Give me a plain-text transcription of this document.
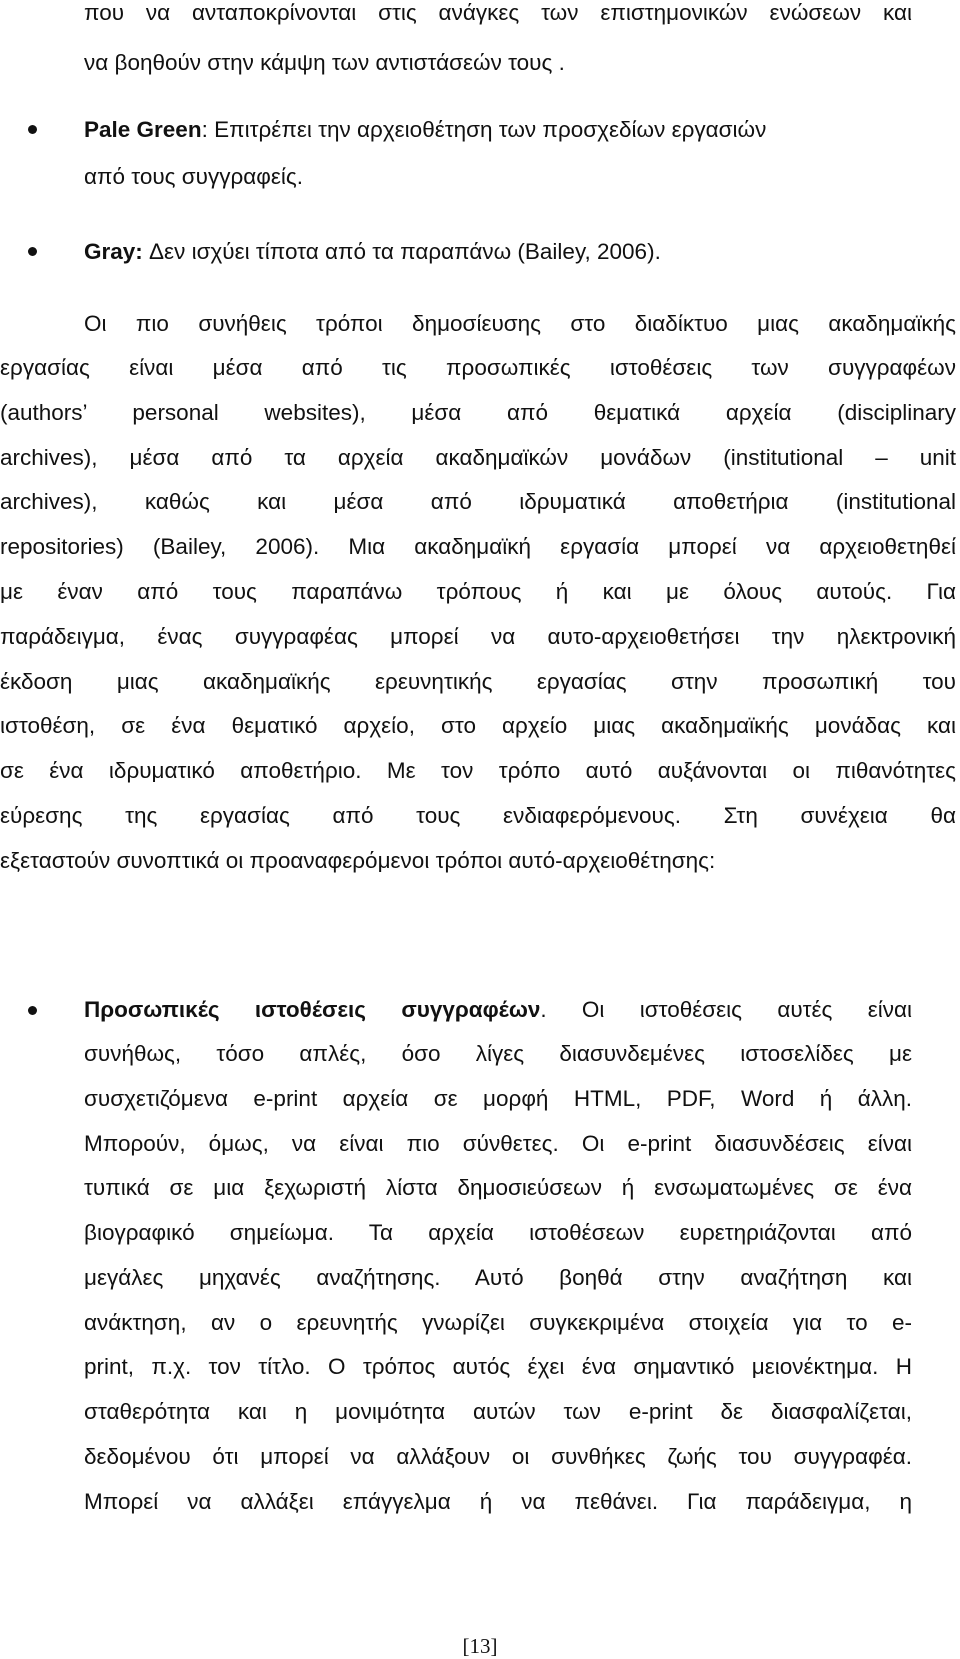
που να ανταποκρίνονται στις ανάγκες των επιστημονικών ενώσεων και

να βοηθούν στην κάμψη των αντιστάσεών τους .

Pale Green: Επιτρέπει την αρχειοθέτηση των προσχεδίων εργασιών

από τους συγγραφείς.

Gray: Δεν ισχύει τίποτα από τα παραπάνω (Bailey, 2006).

Οι πιο συνήθεις τρόποι δημοσίευσης στο διαδίκτυο μιας ακαδημαϊκής

εργασίας είναι μέσα από τις προσωπικές ιστοθέσεις των συγγραφέων

(authors’ personal websites), μέσα από θεματικά αρχεία (disciplinary

archives), μέσα από τα αρχεία ακαδημαϊκών μονάδων (institutional – unit

archives), καθώς και μέσα από ιδρυματικά αποθετήρια (institutional

repositories) (Bailey, 2006). Μια ακαδημαϊκή εργασία μπορεί να αρχειοθετηθεί

με έναν από τους παραπάνω τρόπους ή και με όλους αυτούς. Για

παράδειγμα, ένας συγγραφέας μπορεί να αυτο-αρχειοθετήσει την ηλεκτρονική

έκδοση μιας ακαδημαϊκής ερευνητικής εργασίας στην προσωπική του

ιστοθέση, σε ένα θεματικό αρχείο, στο αρχείο μιας ακαδημαϊκής μονάδας και

σε ένα ιδρυματικό αποθετήριο. Με τον τρόπο αυτό αυξάνονται οι πιθανότητες

εύρεσης της εργασίας από τους ενδιαφερόμενους. Στη συνέχεια θα

εξεταστούν συνοπτικά οι προαναφερόμενοι τρόποι αυτό-αρχειοθέτησης:

Προσωπικές ιστοθέσεις συγγραφέων. Οι ιστοθέσεις αυτές είναι

συνήθως, τόσο απλές, όσο λίγες διασυνδεμένες ιστοσελίδες με

συσχετιζόμενα e-print αρχεία σε μορφή HTML, PDF, Word ή άλλη.

Μπορούν, όμως, να είναι πιο σύνθετες. Οι e-print διασυνδέσεις είναι

τυπικά σε μια ξεχωριστή λίστα δημοσιεύσεων ή ενσωματωμένες σε ένα

βιογραφικό σημείωμα. Τα αρχεία ιστοθέσεων ευρετηριάζονται από

μεγάλες μηχανές αναζήτησης. Αυτό βοηθά στην αναζήτηση και

ανάκτηση, αν ο ερευνητής γνωρίζει συγκεκριμένα στοιχεία για το e-

print, π.χ. τον τίτλο. Ο τρόπος αυτός έχει ένα σημαντικό μειονέκτημα. Η

σταθερότητα και η μονιμότητα αυτών των e-print δε διασφαλίζεται,

δεδομένου ότι μπορεί να αλλάξουν οι συνθήκες ζωής του συγγραφέα.

Μπορεί να αλλάξει επάγγελμα ή να πεθάνει. Για παράδειγμα, η

[13]
